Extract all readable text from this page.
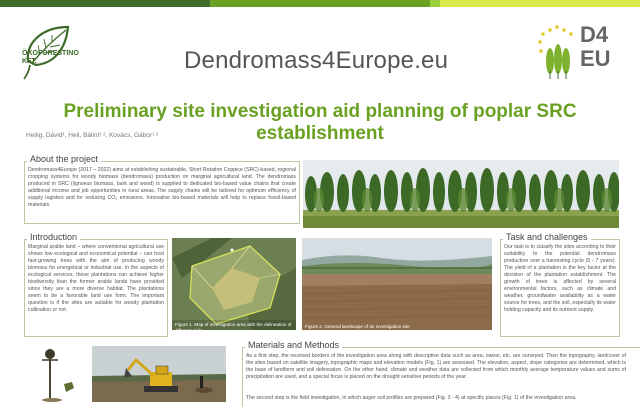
ÖKOFORESTINO KFT.	Dendromass4Europe.eu
D4 EU
Preliminary site investigation aid planning of poplar SRC establishment
Heilig, Dávid¹, Heil, Bálint¹ ², Kovács, Gábor¹ ²
About the project
Dendromass4Europe (2017 – 2022) aims at establishing sustainable, Short Rotation Coppice (SRC)-based, regional cropping systems for woody biomass (dendromass) production on marginal agricultural land. The dendromass produced in SRC (lignoeus biomass, bark and wood) is supplied to dedicated bio-based value chains that create additional income and job opportunities in rural areas. The supply chains will be tailored for optimum efficiency of supply logistics and for reducing CO₂ emissions. Innovative bio-based materials will help to replace fossil-based materials.
Introduction
Marginal arable land – where conventional agricultural use shows low ecological and economical potential – can host fast-growing trees with the aim of producing woody biomass for energetical or industrial use. In the aspects of ecological services, these plantations can achieve higher biodiversity than the former arable lands have provided since they are a more diverse habitat. The plantations seem to be a favorable land use form. The important question is if the sites are suitable for woody plantation cultivation or not.
Figure 1. Map of investigation area with the delineation of different soils
Figure 2. General landscape of an investigation site
Task and challenges
Our task is to classify the sites according to their suitability to the potential dendromass production over a harvesting cycle (5 - 7 years). The yield of a plantation is the key factor at the decision of the plantation establishment. The growth of trees is affected by several environmental factors, such as climate and weather, groundwater availability as a water source for trees, and the soil, especially its water holding capacity and its nutrient supply.
Materials and Methods
As a first step, the received borders of the investigation area along with descriptive data such as area, owner, etc. are surveyed. Then the topography, landcover of the sites based on satellite imagery, topographic maps and elevation models (Fig. 1) are assessed. The elevation, aspect, slope categories are determined, which is the base of landform and soil delineation. On the other hand, climate and weather data are collected from which monthly average temperature values and sums of precipitation are used, and a special focus is placed on the drought sensitive periods of the year.
The second step is the field investigation, in which auger soil profiles are prepared (Fig. 3 - 4) at specific places (Fig. 1) of the investigation area.
